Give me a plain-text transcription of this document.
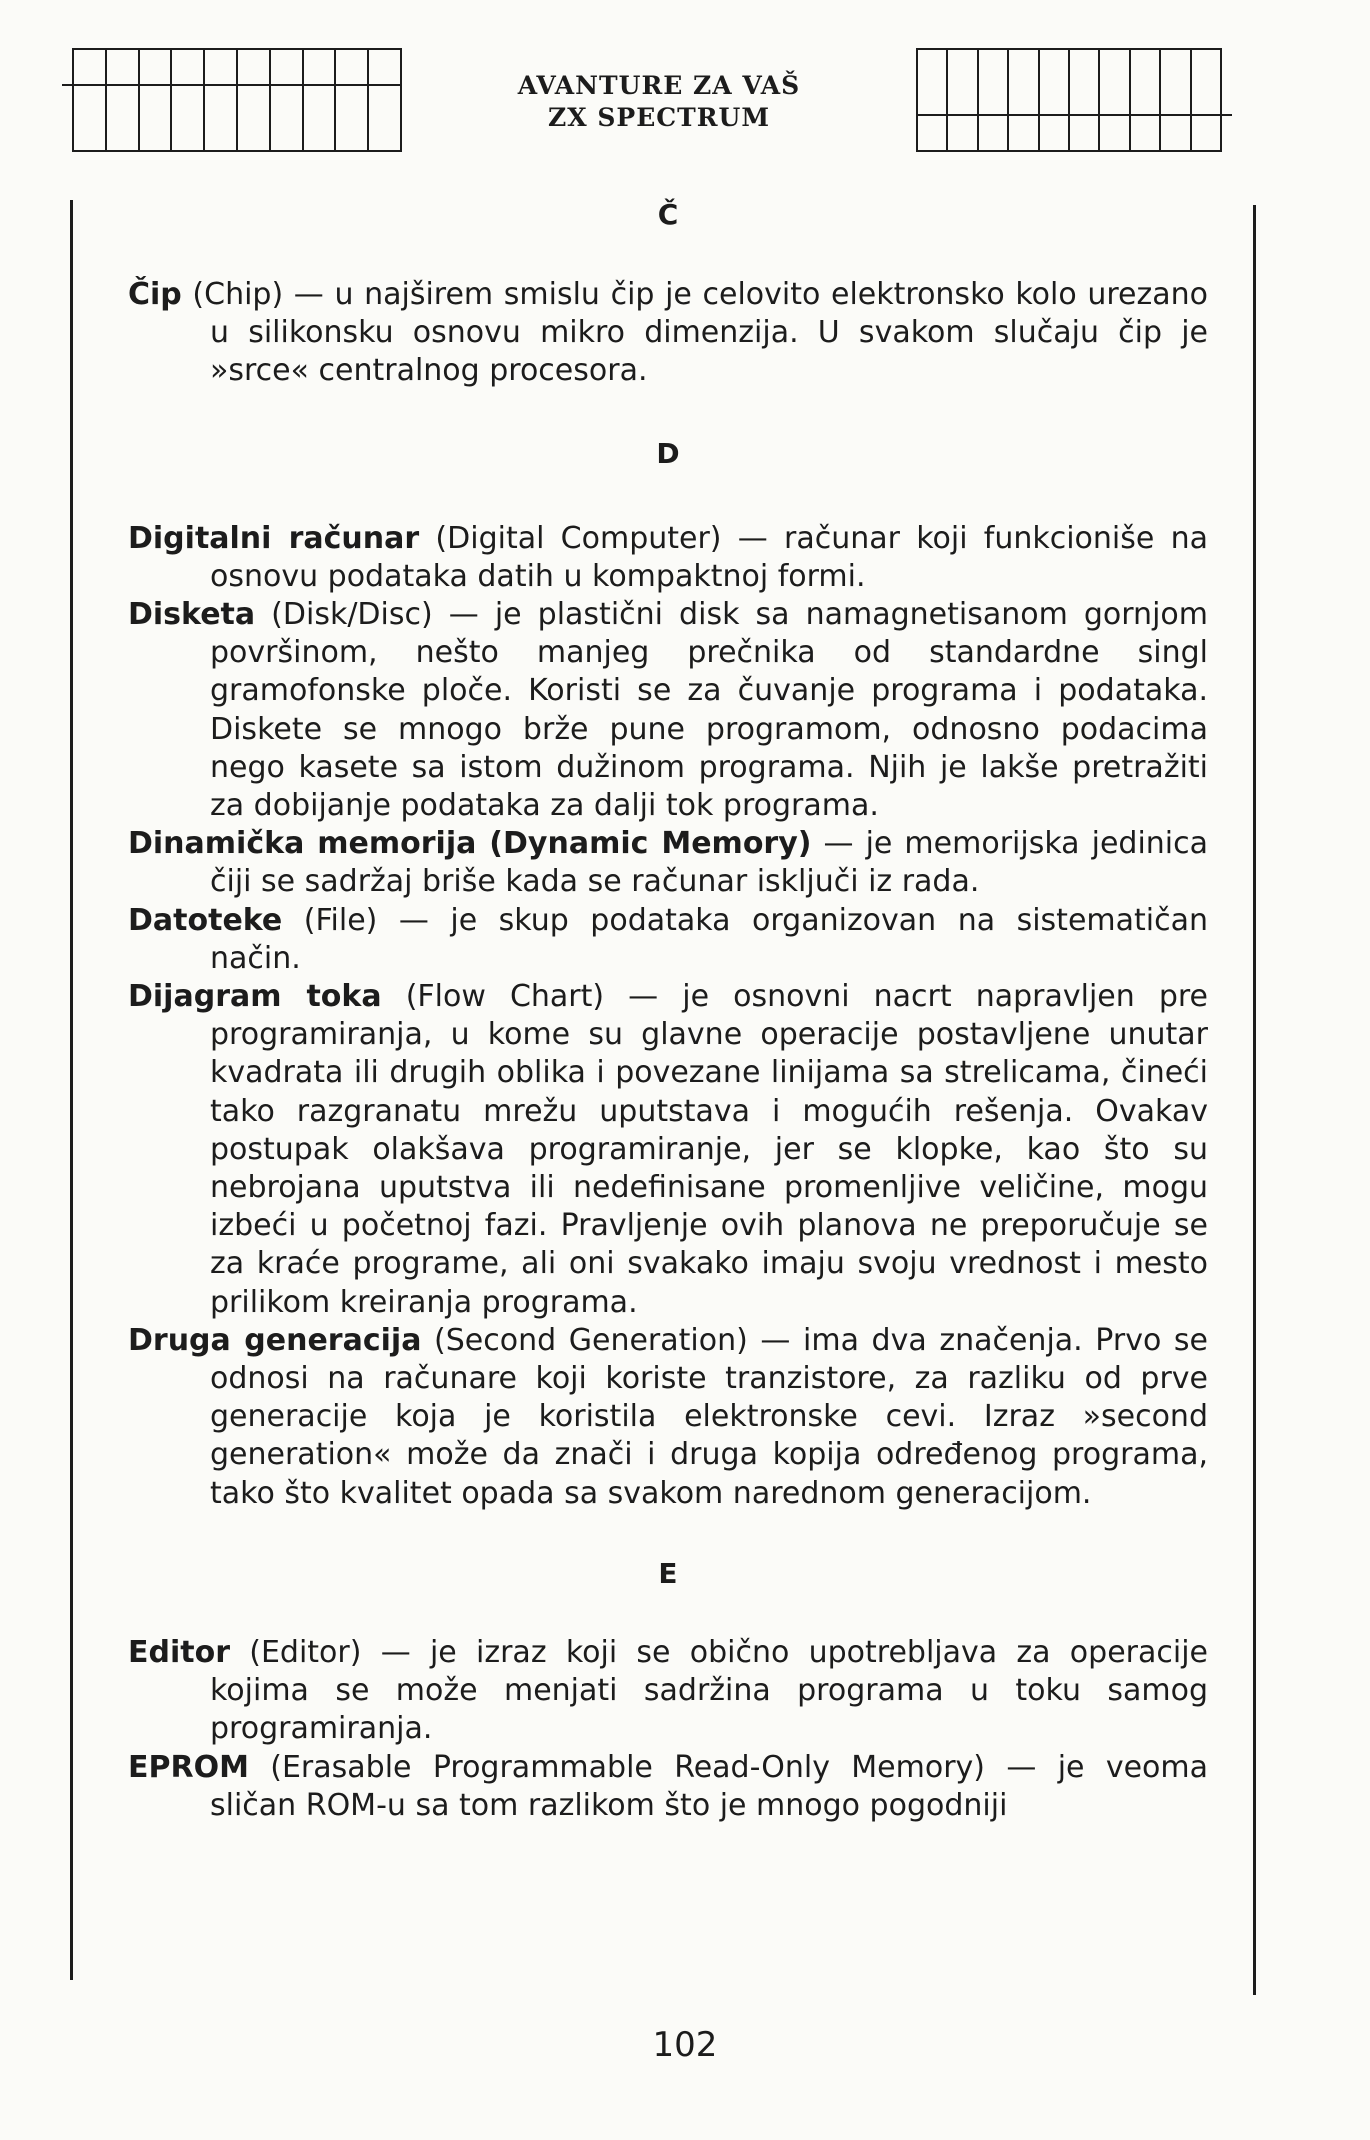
AVANTURE ZA VAŠ
ZX SPECTRUM

Č

Čip (Chip) — u najširem smislu čip je celovito elektronsko kolo urezano u silikonsku osnovu mikro dimenzija. U svakom slučaju čip je »srce« centralnog procesora.

D

Digitalni računar (Digital Computer) — računar koji funkcioniše na osnovu podataka datih u kompaktnoj formi.

Disketa (Disk/Disc) — je plastični disk sa namagnetisanom gornjom površinom, nešto manjeg prečnika od standardne singl gramofonske ploče. Koristi se za čuvanje programa i podataka. Diskete se mnogo brže pune programom, odnosno podacima nego kasete sa istom dužinom programa. Njih je lakše pretražiti za dobijanje podataka za dalji tok programa.

Dinamička memorija (Dynamic Memory) — je memorijska jedinica čiji se sadržaj briše kada se računar isključi iz rada.

Datoteke (File) — je skup podataka organizovan na sistematičan način.

Dijagram toka (Flow Chart) — je osnovni nacrt napravljen pre programiranja, u kome su glavne operacije postavljene unutar kvadrata ili drugih oblika i povezane linijama sa strelicama, čineći tako razgranatu mrežu uputstava i mogućih rešenja. Ovakav postupak olakšava programiranje, jer se klopke, kao što su nebrojana uputstva ili nedefinisane promenljive veličine, mogu izbeći u početnoj fazi. Pravljenje ovih planova ne preporučuje se za kraće programe, ali oni svakako imaju svoju vrednost i mesto prilikom kreiranja programa.

Druga generacija (Second Generation) — ima dva značenja. Prvo se odnosi na računare koji koriste tranzistore, za razliku od prve generacije koja je koristila elektronske cevi. Izraz »second generation« može da znači i druga kopija određenog programa, tako što kvalitet opada sa svakom narednom generacijom.

E

Editor (Editor) — je izraz koji se obično upotrebljava za operacije kojima se može menjati sadržina programa u toku samog programiranja.

EPROM (Erasable Programmable Read-Only Memory) — je veoma sličan ROM-u sa tom razlikom što je mnogo pogodniji

102
